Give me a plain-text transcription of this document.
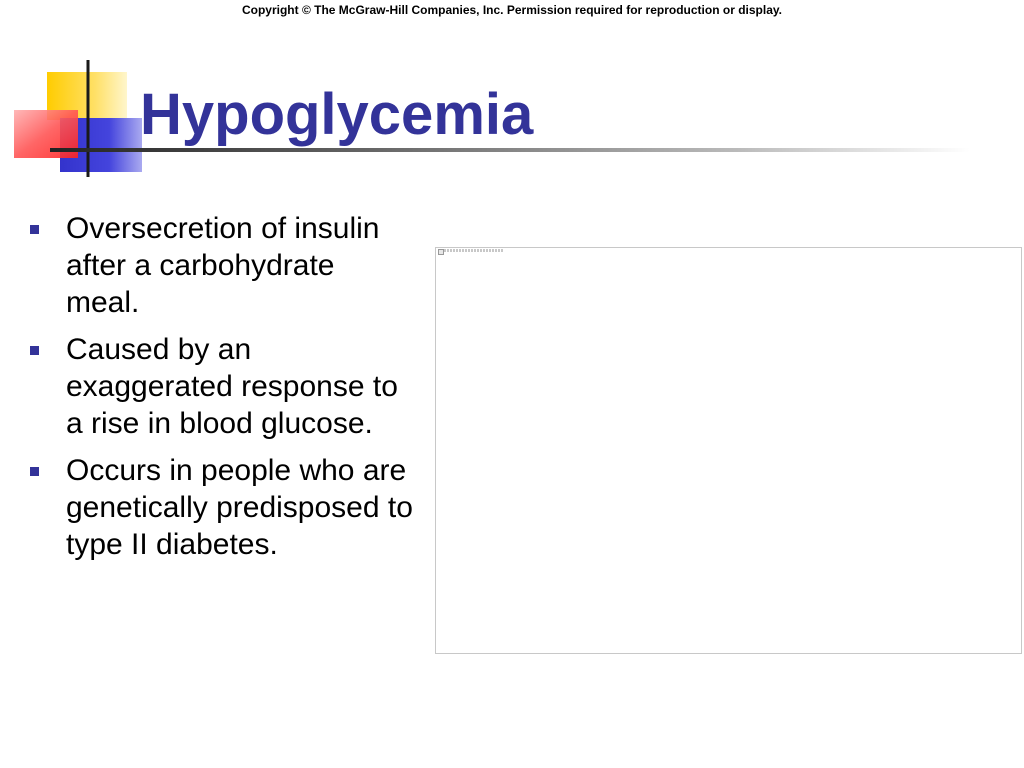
Copyright © The McGraw-Hill Companies, Inc. Permission required for reproduction or display.
Hypoglycemia
Oversecretion of insulin after a carbohydrate meal.
Caused by an exaggerated response to a rise in blood glucose.
Occurs in people who are genetically predisposed to type II diabetes.
